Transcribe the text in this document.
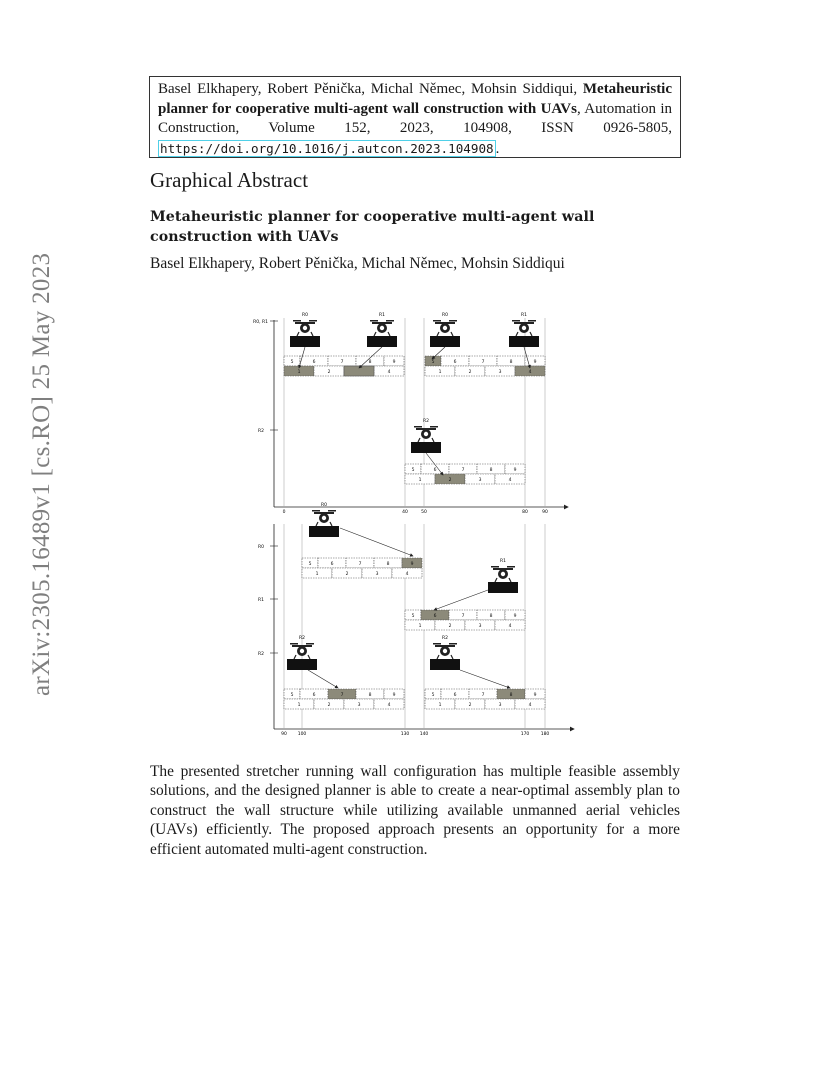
arXiv:2305.16489v1 [cs.RO] 25 May 2023
Basel Elkhapery, Robert Pěnička, Michal Němec, Mohsin Siddiqui, Metaheuristic planner for cooperative multi-agent wall construction with UAVs, Automation in Construction, Volume 152, 2023, 104908, ISSN 0926-5805, https://doi.org/10.1016/j.autcon.2023.104908 .
Graphical Abstract
Metaheuristic planner for cooperative multi-agent wall construction with UAVs
Basel Elkhapery, Robert Pěnička, Michal Němec, Mohsin Siddiqui
R0, R1
R2
0	40	50	80	90
5	6	7	8	9
1	2	4
5	6	7	8	9
1	2	3	4
R0	R1	R0	R1
R2
5	6	7	8	9
1	2	3	4
R0
R1
R2
90 100	130 140	170	180
R0
5	6	7	8	9
1	2	3	4
R1
5	6	7	8	9
1	2	3	4
R2
5	6	7	8	9
1	2	3	4
R2
5	6	7	8	9
1	2	3	4
The presented stretcher running wall configuration has multiple feasible assembly solutions, and the designed planner is able to create a near-optimal assembly plan to construct the wall structure while utilizing available unmanned aerial vehicles (UAVs) efficiently. The proposed approach presents an opportunity for a more efficient automated multi-agent construction.
